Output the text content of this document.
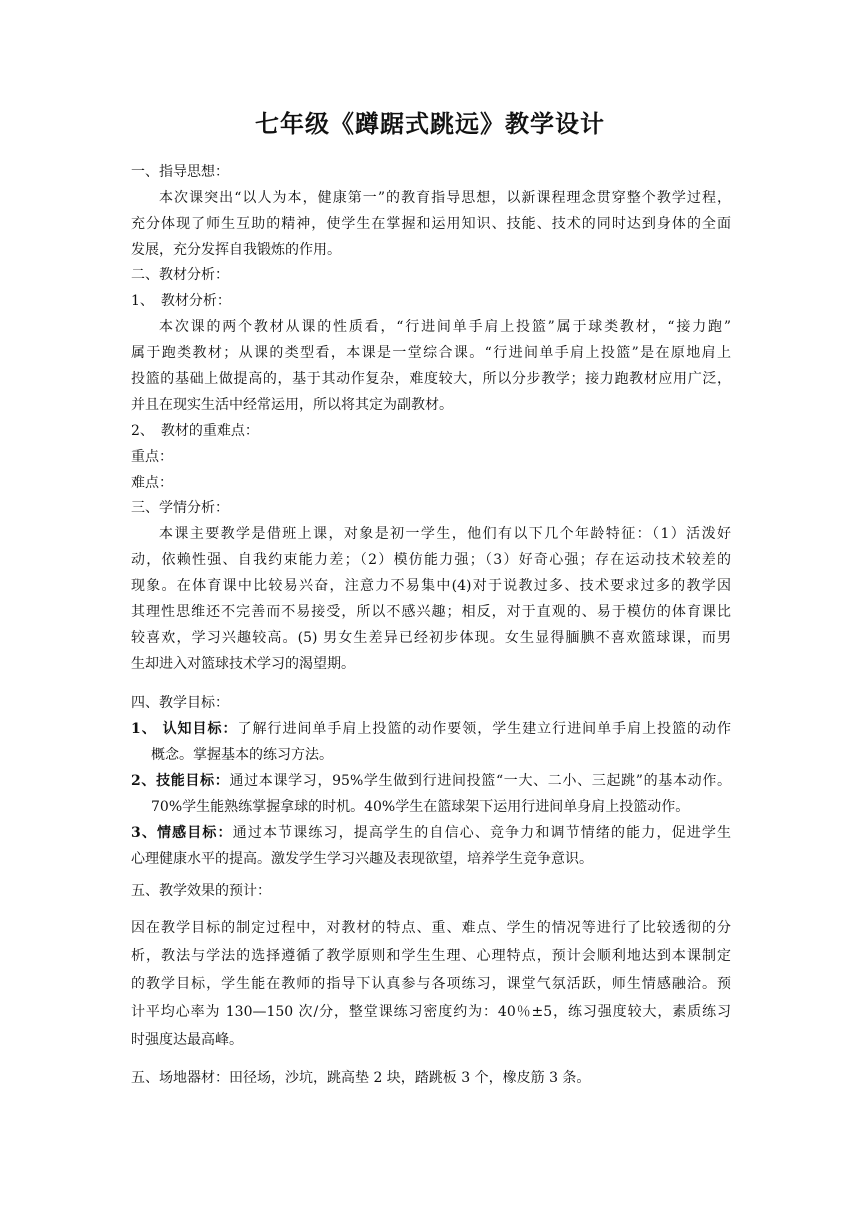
七年级《蹲踞式跳远》教学设计
一、指导思想：
本次课突出“以人为本，健康第一”的教育指导思想，以新课程理念贯穿整个教学过程，
充分体现了师生互助的精神，使学生在掌握和运用知识、技能、技术的同时达到身体的全面
发展，充分发挥自我锻炼的作用。
二、教材分析：
1、　教材分析：
本次课的两个教材从课的性质看，“行进间单手肩上投篮”属于球类教材，“接力跑”
属于跑类教材；从课的类型看，本课是一堂综合课。“行进间单手肩上投篮”是在原地肩上
投篮的基础上做提高的，基于其动作复杂，难度较大，所以分步教学；接力跑教材应用广泛，
并且在现实生活中经常运用，所以将其定为副教材。
2、　教材的重难点：
重点：
难点：
三、学情分析：
本课主要教学是借班上课，对象是初一学生，他们有以下几个年龄特征：（1）活泼好
动，依赖性强、自我约束能力差；（2）模仿能力强；（3）好奇心强；存在运动技术较差的
现象。在体育课中比较易兴奋，注意力不易集中(4)对于说教过多、技术要求过多的教学因
其理性思维还不完善而不易接受，所以不感兴趣；相反，对于直观的、易于模仿的体育课比
较喜欢，学习兴趣较高。(5) 男女生差异已经初步体现。女生显得腼腆不喜欢篮球课，而男
生却进入对篮球技术学习的渴望期。
四、教学目标：
1、 认知目标：了解行进间单手肩上投篮的动作要领，学生建立行进间单手肩上投篮的动作
概念。掌握基本的练习方法。
2、技能目标：通过本课学习，95%学生做到行进间投篮“一大、二小、三起跳”的基本动作。
70%学生能熟练掌握拿球的时机。40%学生在篮球架下运用行进间单身肩上投篮动作。
3、情感目标：通过本节课练习，提高学生的自信心、竞争力和调节情绪的能力，促进学生
心理健康水平的提高。激发学生学习兴趣及表现欲望，培养学生竞争意识。
五、教学效果的预计：
因在教学目标的制定过程中，对教材的特点、重、难点、学生的情况等进行了比较透彻的分
析，教法与学法的选择遵循了教学原则和学生生理、心理特点，预计会顺利地达到本课制定
的教学目标，学生能在教师的指导下认真参与各项练习，课堂气氛活跃，师生情感融洽。预
计平均心率为 130—150 次/分，整堂课练习密度约为：40％±5，练习强度较大，素质练习
时强度达最高峰。
五、场地器材：田径场，沙坑，跳高垫 2 块，踏跳板 3 个，橡皮筋 3 条。
